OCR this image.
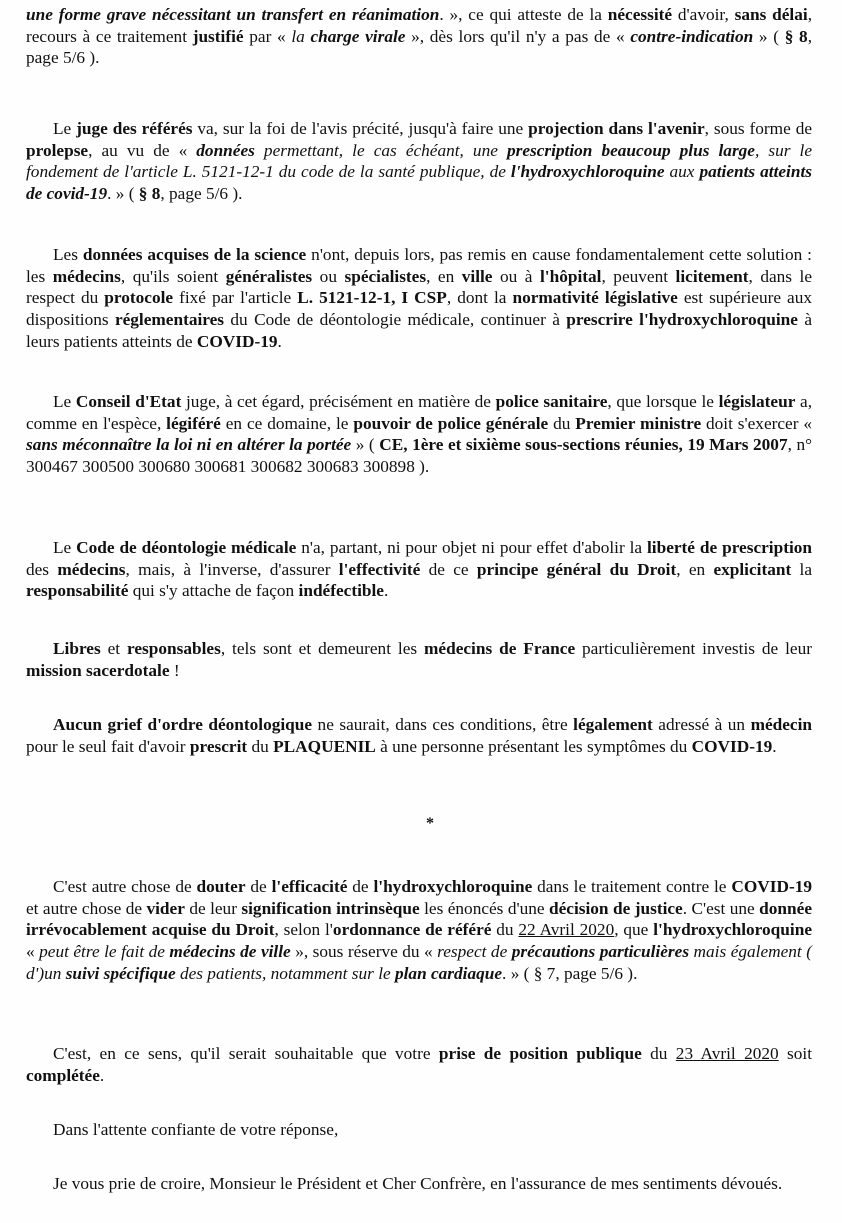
une forme grave nécessitant un transfert en réanimation. », ce qui atteste de la nécessité d'avoir, sans délai, recours à ce traitement justifié par « la charge virale », dès lors qu'il n'y a pas de « contre-indication » ( § 8, page 5/6 ).

Le juge des référés va, sur la foi de l'avis précité, jusqu'à faire une projection dans l'avenir, sous forme de prolepse, au vu de « données permettant, le cas échéant, une prescription beaucoup plus large, sur le fondement de l'article L. 5121-12-1 du code de la santé publique, de l'hydroxychloroquine aux patients atteints de covid-19. » ( § 8, page 5/6 ).

Les données acquises de la science n'ont, depuis lors, pas remis en cause fondamentalement cette solution : les médecins, qu'ils soient généralistes ou spécialistes, en ville ou à l'hôpital, peuvent licitement, dans le respect du protocole fixé par l'article L. 5121-12-1, I CSP, dont la normativité législative est supérieure aux dispositions réglementaires du Code de déontologie médicale, continuer à prescrire l'hydroxychloroquine à leurs patients atteints de COVID-19.

Le Conseil d'Etat juge, à cet égard, précisément en matière de police sanitaire, que lorsque le législateur a, comme en l'espèce, légiféré en ce domaine, le pouvoir de police générale du Premier ministre doit s'exercer « sans méconnaître la loi ni en altérer la portée » ( CE, 1ère et sixième sous-sections réunies, 19 Mars 2007, n° 300467 300500 300680 300681 300682 300683 300898 ).

Le Code de déontologie médicale n'a, partant, ni pour objet ni pour effet d'abolir la liberté de prescription des médecins, mais, à l'inverse, d'assurer l'effectivité de ce principe général du Droit, en explicitant la responsabilité qui s'y attache de façon indéfectible.

Libres et responsables, tels sont et demeurent les médecins de France particulièrement investis de leur mission sacerdotale !

Aucun grief d'ordre déontologique ne saurait, dans ces conditions, être légalement adressé à un médecin pour le seul fait d'avoir prescrit du PLAQUENIL à une personne présentant les symptômes du COVID-19.

*

C'est autre chose de douter de l'efficacité de l'hydroxychloroquine dans le traitement contre le COVID-19 et autre chose de vider de leur signification intrinsèque les énoncés d'une décision de justice. C'est une donnée irrévocablement acquise du Droit, selon l'ordonnance de référé du 22 Avril 2020, que l'hydroxychloroquine « peut être le fait de médecins de ville », sous réserve du « respect de précautions particulières mais également ( d')un suivi spécifique des patients, notamment sur le plan cardiaque. » ( § 7, page 5/6 ).

C'est, en ce sens, qu'il serait souhaitable que votre prise de position publique du 23 Avril 2020 soit complétée.

Dans l'attente confiante de votre réponse,

Je vous prie de croire, Monsieur le Président et Cher Confrère, en l'assurance de mes sentiments dévoués.
